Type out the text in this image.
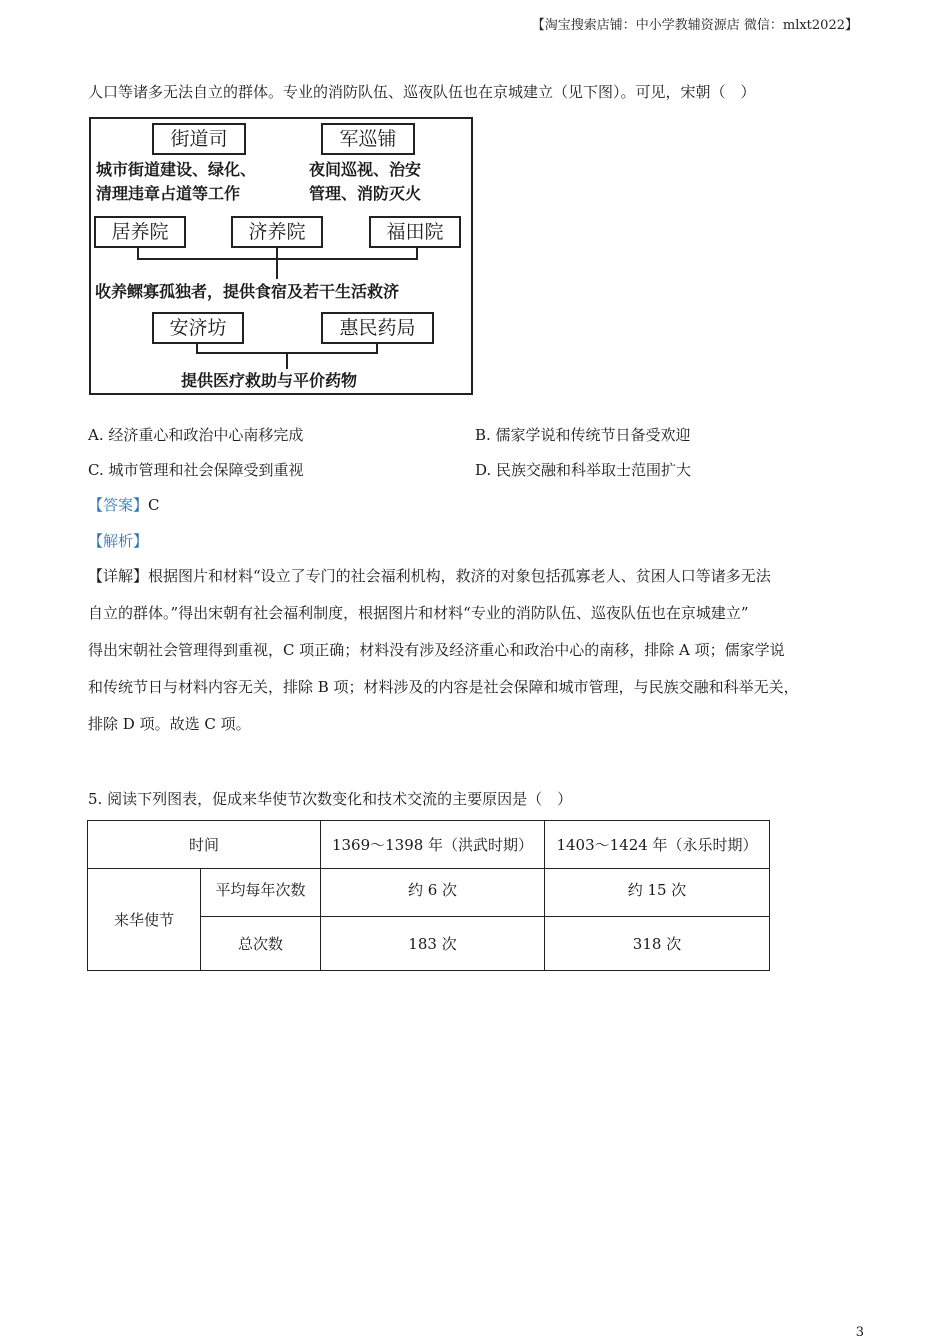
【淘宝搜索店铺：中小学教辅资源店 微信：mlxt2022】
人口等诸多无法自立的群体。专业的消防队伍、巡夜队伍也在京城建立（见下图）。可见，宋朝（　）
街道司	军巡铺
城市街道建设、绿化、
清理违章占道等工作
夜间巡视、治安
管理、消防灭火
居养院	济养院	福田院
收养鳏寡孤独者，提供食宿及若干生活救济
安济坊	惠民药局
提供医疗救助与平价药物
A. 经济重心和政治中心南移完成	B. 儒家学说和传统节日备受欢迎
C. 城市管理和社会保障受到重视	D. 民族交融和科举取士范围扩大
【答案】C
【解析】
【详解】根据图片和材料“设立了专门的社会福利机构，救济的对象包括孤寡老人、贫困人口等诸多无法
自立的群体。”得出宋朝有社会福利制度，根据图片和材料“专业的消防队伍、巡夜队伍也在京城建立”
得出宋朝社会管理得到重视，C 项正确；材料没有涉及经济重心和政治中心的南移，排除 A 项；儒家学说
和传统节日与材料内容无关，排除 B 项；材料涉及的内容是社会保障和城市管理，与民族交融和科举无关，
排除 D 项。故选 C 项。
5. 阅读下列图表，促成来华使节次数变化和技术交流的主要原因是（　）
时间		1369～1398 年（洪武时期）	1403～1424 年（永乐时期）
来华使节	平均每年次数	约 6 次	约 15 次
	总次数	183 次	318 次
3
